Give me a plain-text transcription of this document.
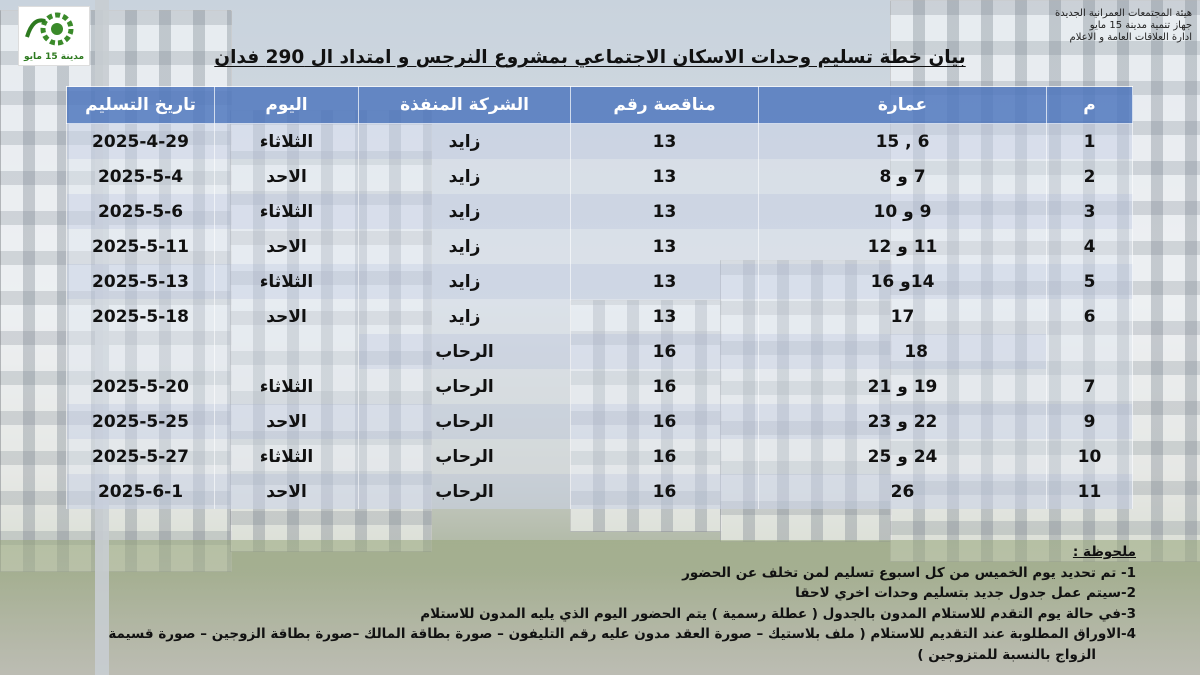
مدينة 15 مايو
هيئة المجتمعات العمرانية الجديدة
جهاز تنمية مدينة 15 مايو
ادارة العلاقات العامة و الاعلام
بيان خطة تسليم وحدات الاسكان الاجتماعي بمشروع النرجس و امتداد ال 290 فدان
م	عمارة	مناقصة رقم	الشركة المنفذة	اليوم	تاريخ التسليم
1	6 , 15	13	زايد	الثلاثاء	2025-4-29
2	7 و 8	13	زايد	الاحد	2025-5-4
3	9 و 10	13	زايد	الثلاثاء	2025-5-6
4	11 و 12	13	زايد	الاحد	2025-5-11
5	14و 16	13	زايد	الثلاثاء	2025-5-13
6	17	13	زايد	الاحد	2025-5-18
	18	16	الرحاب		
7	19 و 21	16	الرحاب	الثلاثاء	2025-5-20
9	22 و 23	16	الرحاب	الاحد	2025-5-25
10	24 و 25	16	الرحاب	الثلاثاء	2025-5-27
11	26	16	الرحاب	الاحد	2025-6-1
ملحوظة :
1- تم تحديد يوم الخميس من كل اسبوع تسليم لمن تخلف عن الحضور
2-سيتم عمل جدول جديد بتسليم وحدات اخري لاحقا
3-في حالة يوم التقدم للاستلام المدون بالجدول ( عطلة رسمية ) يتم الحضور اليوم الذي يليه المدون للاستلام
4-الاوراق المطلوبة عند التقديم للاستلام ( ملف بلاستيك – صورة العقد مدون عليه رقم التليفون – صورة بطاقة المالك –صورة بطاقة الزوجين – صورة قسيمة
الزواج بالنسبة للمتزوجين )
